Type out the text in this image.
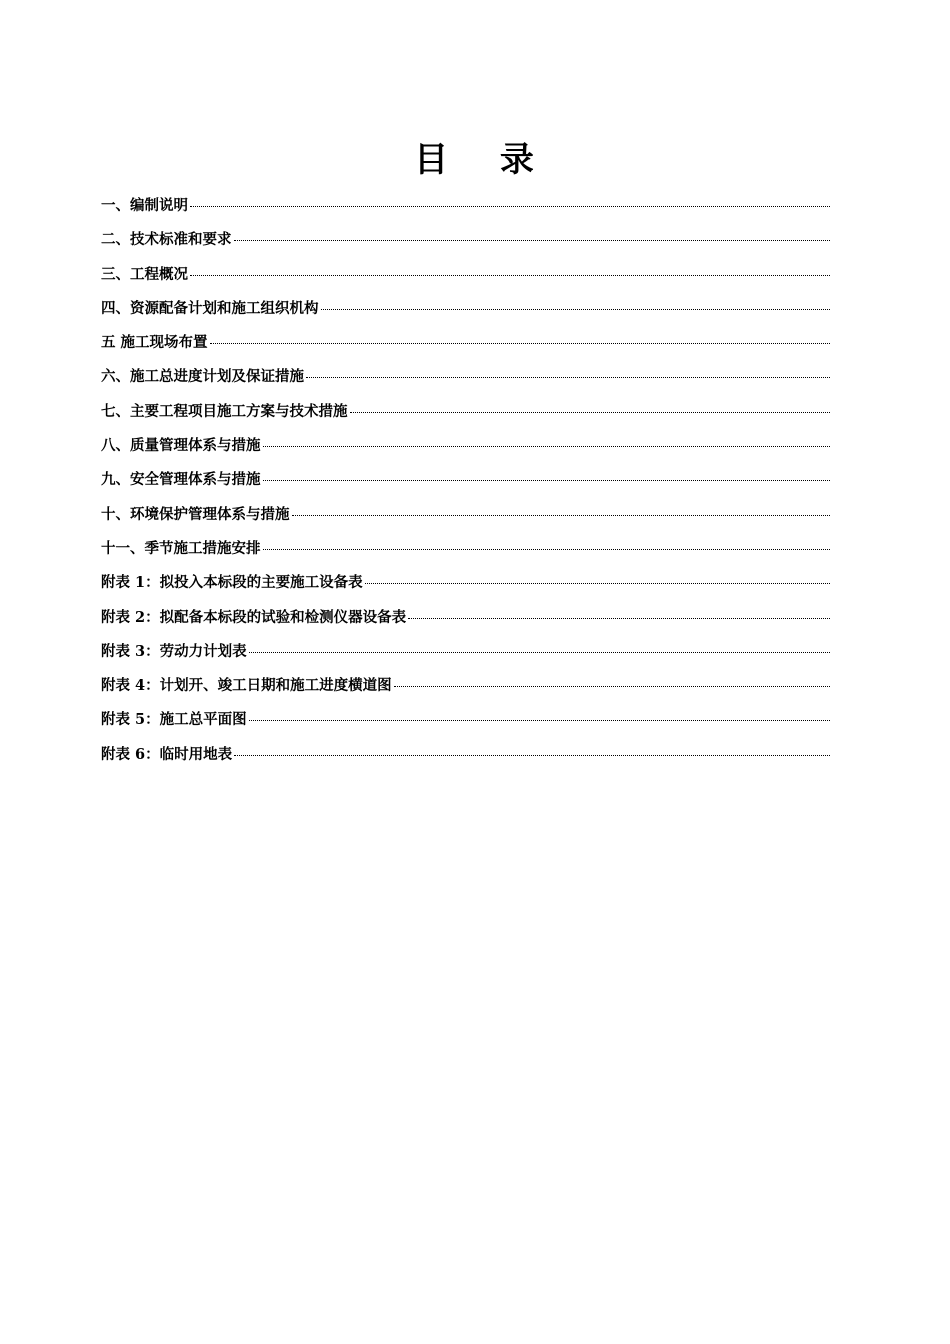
目 录
一、编制说明
二、技术标准和要求
三、工程概况
四、资源配备计划和施工组织机构
五 施工现场布置
六、施工总进度计划及保证措施
七、主要工程项目施工方案与技术措施
八、质量管理体系与措施
九、安全管理体系与措施
十、环境保护管理体系与措施
十一、季节施工措施安排
附表 1：拟投入本标段的主要施工设备表
附表 2：拟配备本标段的试验和检测仪器设备表
附表 3：劳动力计划表
附表 4：计划开、竣工日期和施工进度横道图
附表 5：施工总平面图
附表 6：临时用地表
